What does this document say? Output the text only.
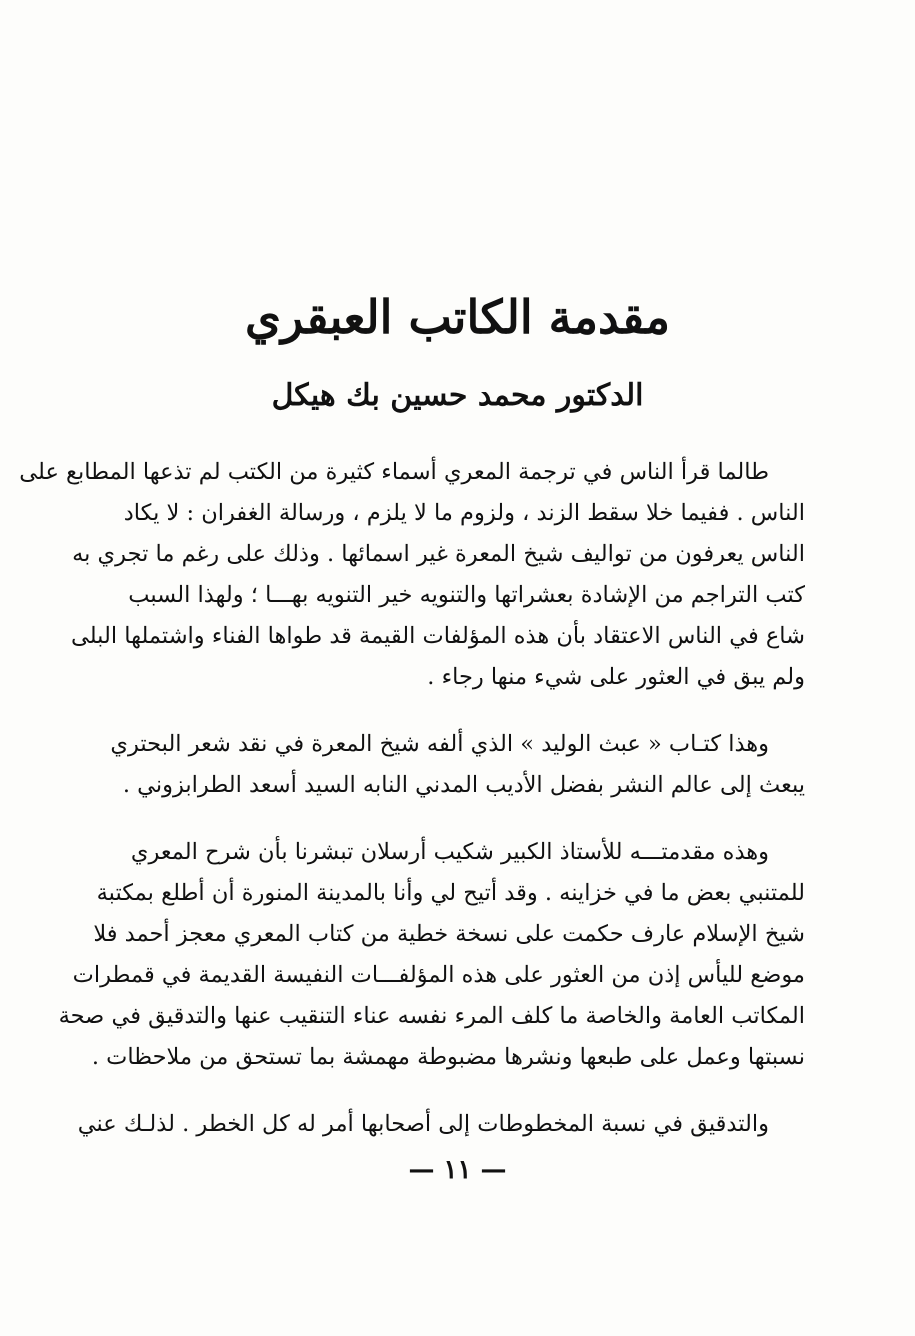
مقدمة الكاتب العبقري
الدكتور محمد حسين بك هيكل

طالما قرأ الناس في ترجمة المعري أسماء كثيرة من الكتب لم تذعها المطابع على
الناس . ففيما خلا سقط الزند ، ولزوم ما لا يلزم ، ورسالة الغفران : لا يكاد
الناس يعرفون من تواليف شيخ المعرة غير اسمائها . وذلك على رغم ما تجري به
كتب التراجم من الإشادة بعشراتها والتنويه خير التنويه بهـــا ؛ ولهذا السبب
شاع في الناس الاعتقاد بأن هذه المؤلفات القيمة قد طواها الفناء واشتملها البلى
ولم يبق في العثور على شيء منها رجاء .

وهذا كتـاب « عبث الوليد » الذي ألفه شيخ المعرة في نقد شعر البحتري
يبعث إلى عالم النشر بفضل الأديب المدني النابه السيد أسعد الطرابزوني .

وهذه مقدمتـــه للأستاذ الكبير شكيب أرسلان تبشرنا بأن شرح المعري
للمتنبي بعض ما في خزاينه . وقد أتيح لي وأنا بالمدينة المنورة أن أطلع بمكتبة
شيخ الإسلام عارف حكمت على نسخة خطية من كتاب المعري معجز أحمد فلا
موضع لليأس إذن من العثور على هذه المؤلفـــات النفيسة القديمة في قمطرات
المكاتب العامة والخاصة ما كلف المرء نفسه عناء التنقيب عنها والتدقيق في صحة
نسبتها وعمل على طبعها ونشرها مضبوطة مهمشة بما تستحق من ملاحظات .

والتدقيق في نسبة المخطوطات إلى أصحابها أمر له كل الخطر . لذلـك عني

— ١١ —
